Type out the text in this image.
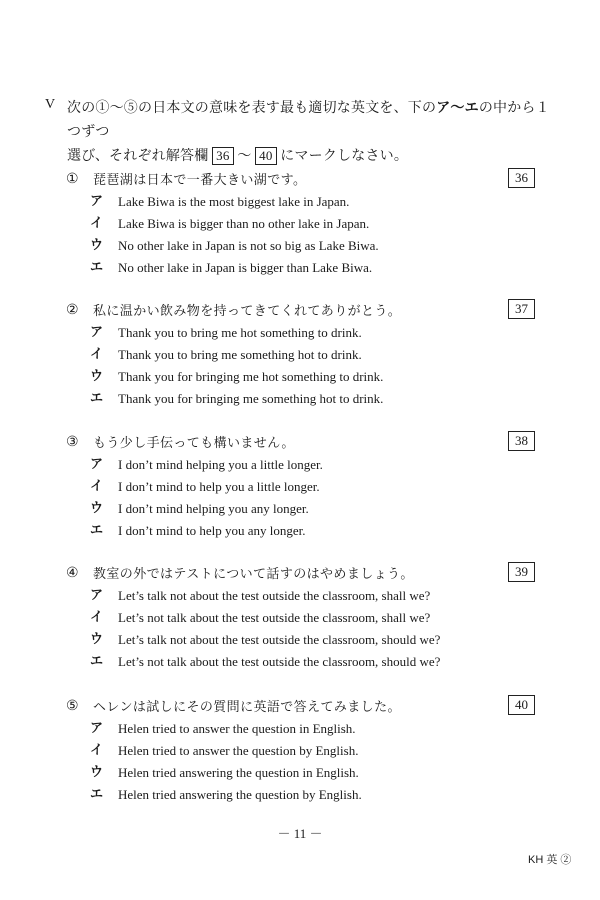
V 次の①～⑤の日本文の意味を表す最も適切な英文を、下のア～エの中から１つずつ
選び、それぞれ解答欄 36 ～ 40 にマークしなさい。
① 琵琶湖は日本で一番大きい湖です。	36
ア Lake Biwa is the most biggest lake in Japan.
イ Lake Biwa is bigger than no other lake in Japan.
ウ No other lake in Japan is not so big as Lake Biwa.
エ No other lake in Japan is bigger than Lake Biwa.
② 私に温かい飲み物を持ってきてくれてありがとう。	37
ア Thank you to bring me hot something to drink.
イ Thank you to bring me something hot to drink.
ウ Thank you for bringing me hot something to drink.
エ Thank you for bringing me something hot to drink.
③ もう少し手伝っても構いません。	38
ア I don’t mind helping you a little longer.
イ I don’t mind to help you a little longer.
ウ I don’t mind helping you any longer.
エ I don’t mind to help you any longer.
④ 教室の外ではテストについて話すのはやめましょう。	39
ア Let’s talk not about the test outside the classroom, shall we?
イ Let’s not talk about the test outside the classroom, shall we?
ウ Let’s talk not about the test outside the classroom, should we?
エ Let’s not talk about the test outside the classroom, should we?
⑤ ヘレンは試しにその質問に英語で答えてみました。	40
ア Helen tried to answer the question in English.
イ Helen tried to answer the question by English.
ウ Helen tried answering the question in English.
エ Helen tried answering the question by English.
－ 11 －
KH 英 ②
